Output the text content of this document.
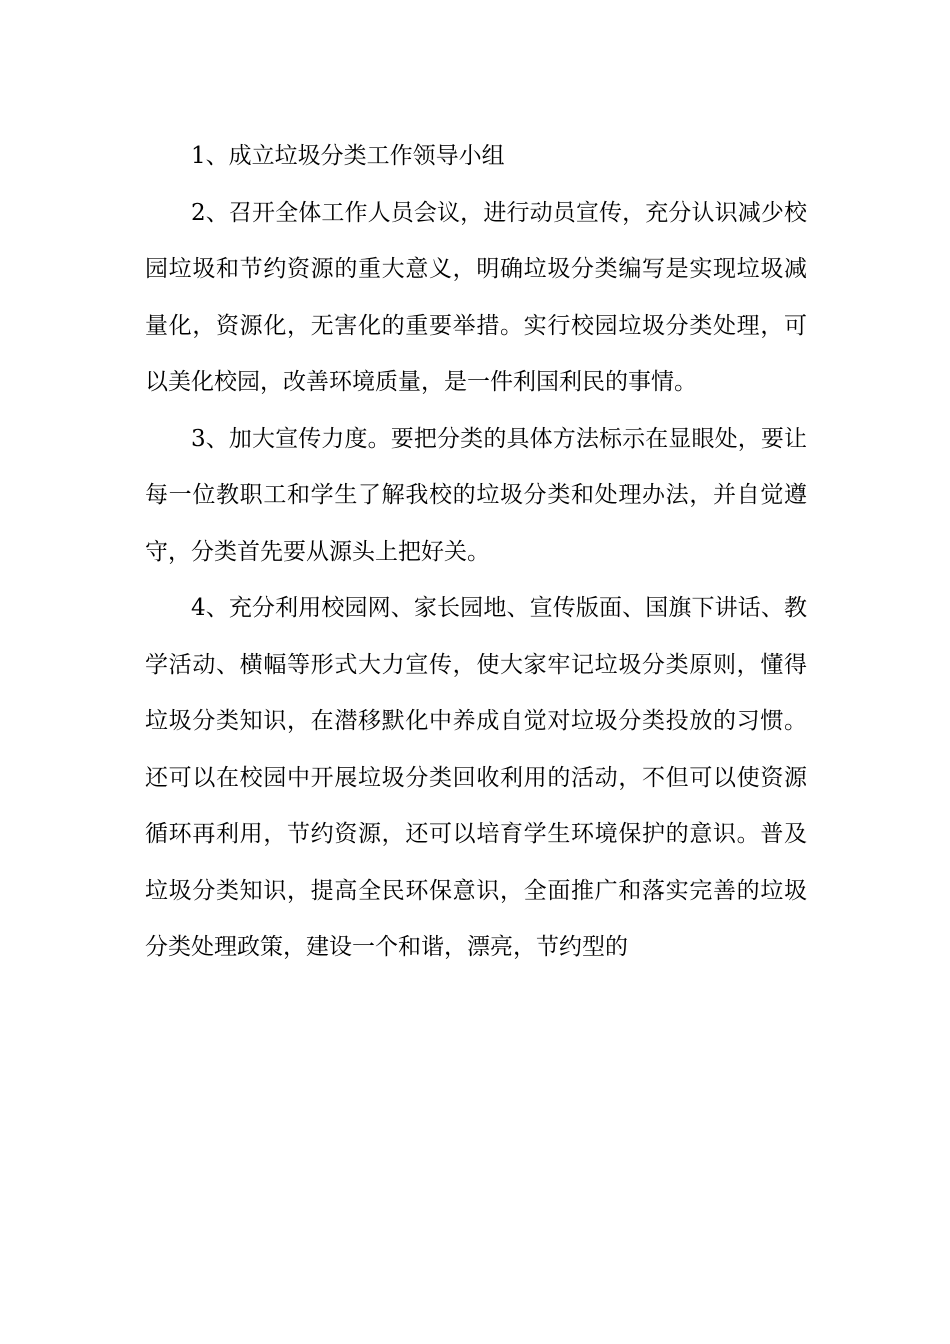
1、成立垃圾分类工作领导小组

2、召开全体工作人员会议，进行动员宣传，充分认识减少校园垃圾和节约资源的重大意义，明确垃圾分类编写是实现垃圾减量化，资源化，无害化的重要举措。实行校园垃圾分类处理，可以美化校园，改善环境质量，是一件利国利民的事情。

3、加大宣传力度。要把分类的具体方法标示在显眼处，要让每一位教职工和学生了解我校的垃圾分类和处理办法，并自觉遵守，分类首先要从源头上把好关。

4、充分利用校园网、家长园地、宣传版面、国旗下讲话、教学活动、横幅等形式大力宣传，使大家牢记垃圾分类原则，懂得垃圾分类知识，在潜移默化中养成自觉对垃圾分类投放的习惯。还可以在校园中开展垃圾分类回收利用的活动，不但可以使资源循环再利用，节约资源，还可以培育学生环境保护的意识。普及垃圾分类知识，提高全民环保意识，全面推广和落实完善的垃圾分类处理政策，建设一个和谐，漂亮，节约型的
